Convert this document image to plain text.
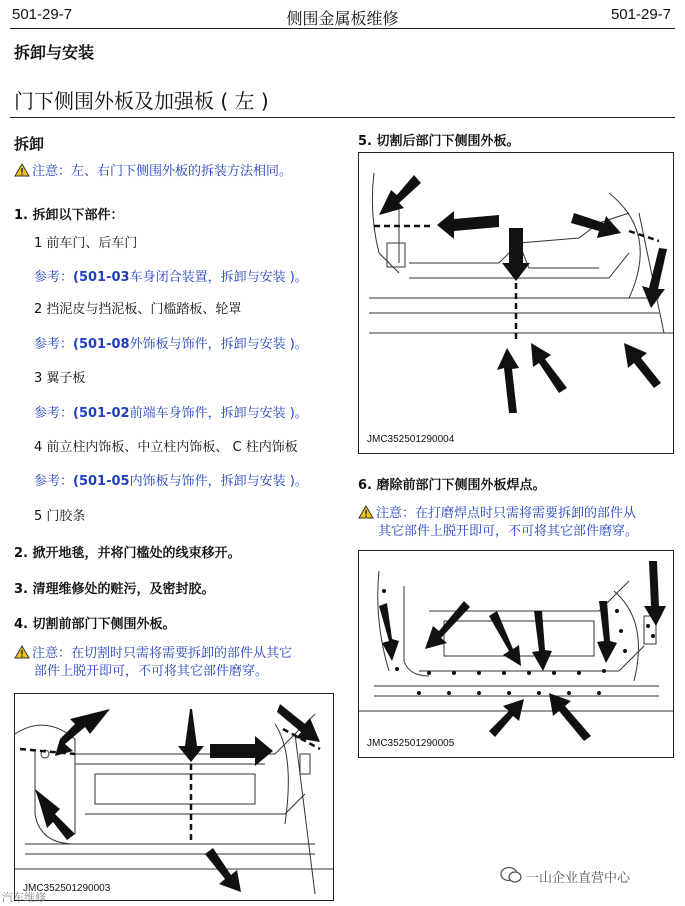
501-29-7	侧围金属板维修	501-29-7
拆卸与安装
门下侧围外板及加强板 ( 左 )
拆卸
注意：左、右门下侧围外板的拆装方法相同。
1. 拆卸以下部件：
1 前车门、后车门
参考：(501-03车身闭合装置，拆卸与安装 )。
2 挡泥皮与挡泥板、门槛踏板、轮罩
参考：(501-08外饰板与饰件，拆卸与安装 )。
3 翼子板
参考：(501-02前端车身饰件，拆卸与安装 )。
4 前立柱内饰板、中立柱内饰板、 C 柱内饰板
参考：(501-05内饰板与饰件，拆卸与安装 )。
5 门胶条
2. 掀开地毯，并将门槛处的线束移开。
3. 清理维修处的赃污，及密封胶。
4. 切割前部门下侧围外板。
注意：在切割时只需将需要拆卸的部件从其它
部件上脱开即可，不可将其它部件磨穿。
JMC352501290003
5. 切割后部门下侧围外板。
JMC352501290004
6. 磨除前部门下侧围外板焊点。
注意：在打磨焊点时只需将需要拆卸的部件从
其它部件上脱开即可，不可将其它部件磨穿。
JMC352501290005
汽车维修
一山企业直营中心
